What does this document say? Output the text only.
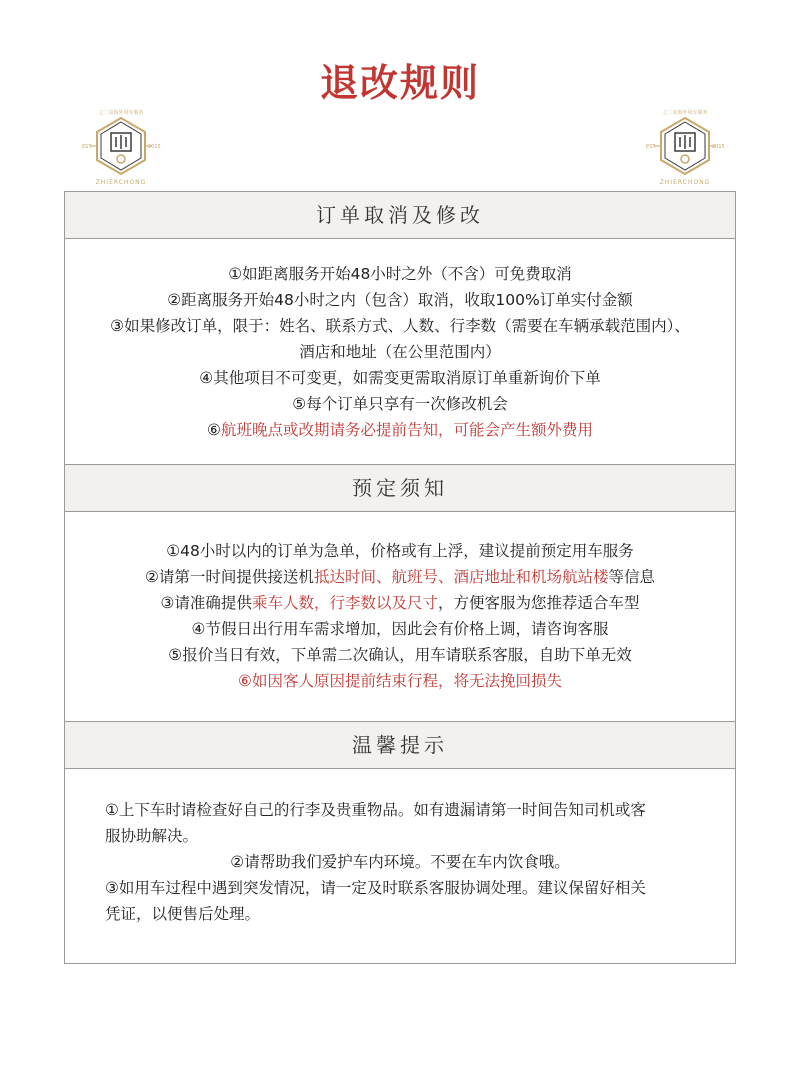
退改规则
EST.	2015
之二虫海外用车服务
ZHIERCHONG
EST.	2015
之二虫海外用车服务
ZHIERCHONG
订单取消及修改
①如距离服务开始48小时之外（不含）可免费取消
②距离服务开始48小时之内（包含）取消，收取100%订单实付金额
③如果修改订单，限于：姓名、联系方式、人数、行李数（需要在车辆承载范围内）、
酒店和地址（在公里范围内）
④其他项目不可变更，如需变更需取消原订单重新询价下单
⑤每个订单只享有一次修改机会
⑥航班晚点或改期请务必提前告知，可能会产生额外费用
预定须知
①48小时以内的订单为急单，价格或有上浮，建议提前预定用车服务
②请第一时间提供接送机抵达时间、航班号、酒店地址和机场航站楼等信息
③请准确提供乘车人数，行李数以及尺寸，方便客服为您推荐适合车型
④节假日出行用车需求增加，因此会有价格上调，请咨询客服
⑤报价当日有效，下单需二次确认，用车请联系客服，自助下单无效
⑥如因客人原因提前结束行程，将无法挽回损失
温馨提示
①上下车时请检查好自己的行李及贵重物品。如有遗漏请第一时间告知司机或客
服协助解决。
②请帮助我们爱护车内环境。不要在车内饮食哦。
③如用车过程中遇到突发情况，请一定及时联系客服协调处理。建议保留好相关
凭证，以便售后处理。
